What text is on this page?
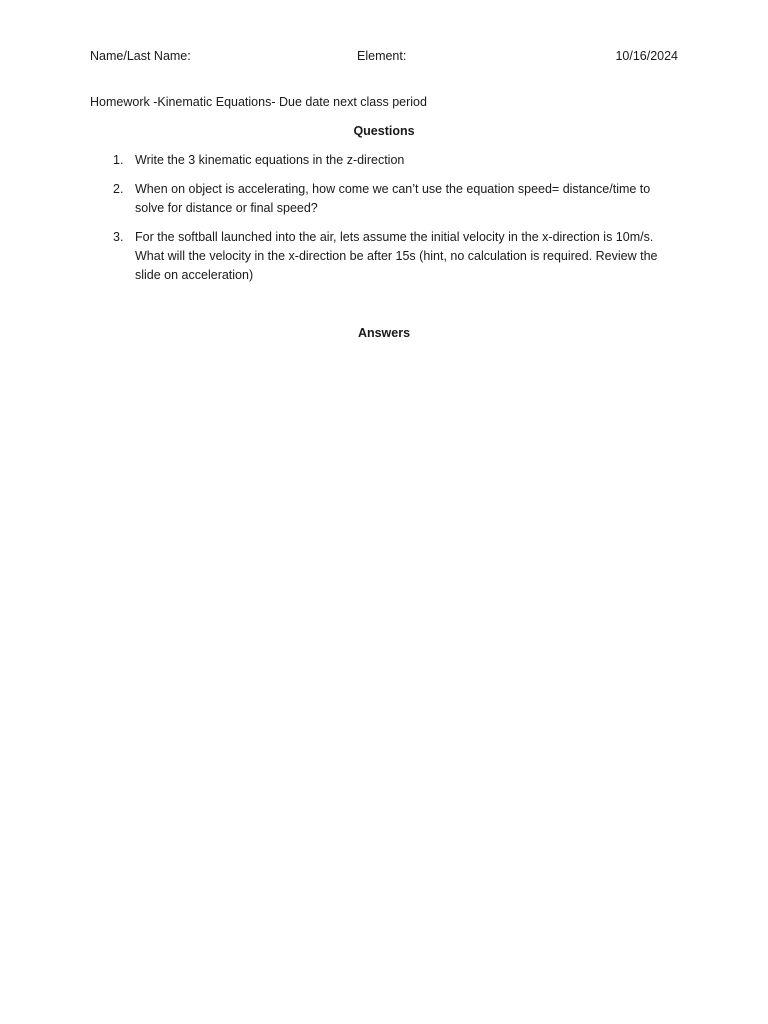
Name/Last Name:	Element:	10/16/2024
Homework -Kinematic Equations- Due date next class period
Questions
1. Write the 3 kinematic equations in the z-direction
2. When on object is accelerating, how come we can’t use the equation speed= distance/time to solve for distance or final speed?
3. For the softball launched into the air, lets assume the initial velocity in the x-direction is 10m/s. What will the velocity in the x-direction be after 15s (hint, no calculation is required. Review the slide on acceleration)
Answers
